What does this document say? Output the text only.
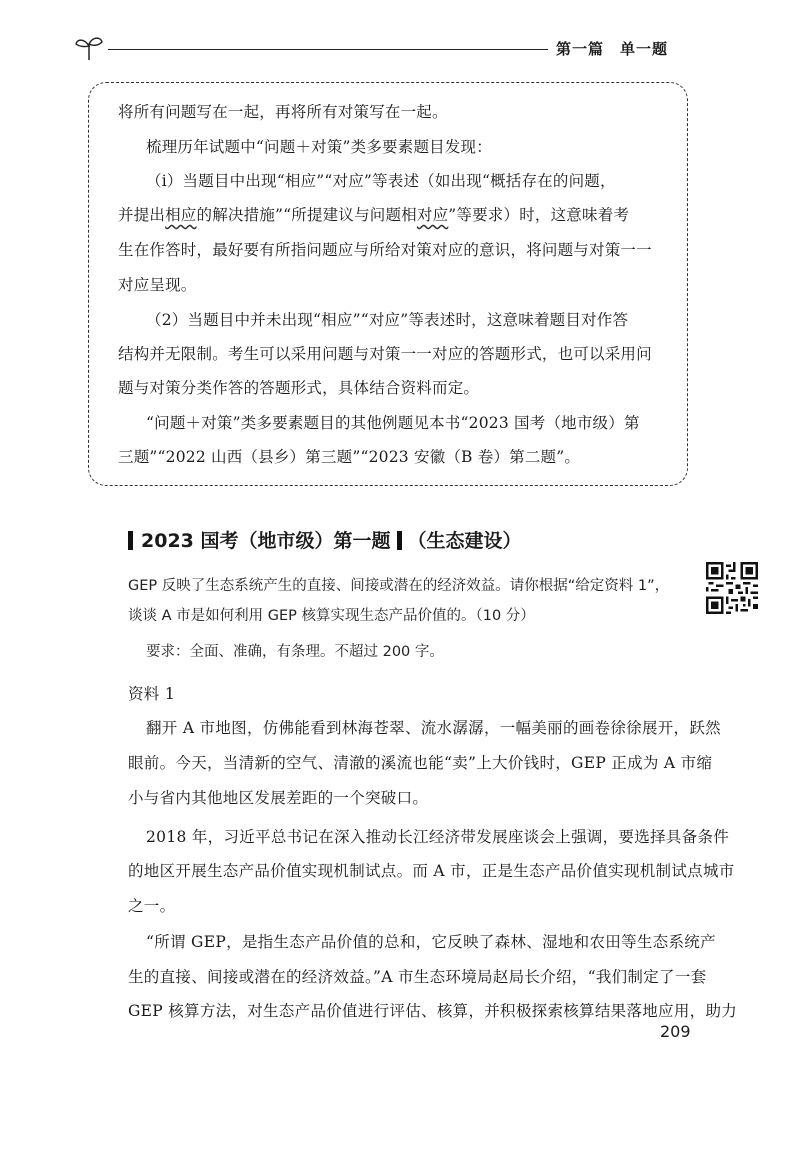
第一篇　单一题
将所有问题写在一起，再将所有对策写在一起。
梳理历年试题中“问题＋对策”类多要素题目发现：
（ⅰ）当题目中出现“相应”“对应”等表述（如出现“概括存在的问题，
并提出相应的解决措施”“所提建议与问题相对应”等要求）时，这意味着考
生在作答时，最好要有所指问题应与所给对策对应的意识，将问题与对策一一
对应呈现。
（2）当题目中并未出现“相应”“对应”等表述时，这意味着题目对作答
结构并无限制。考生可以采用问题与对策一一对应的答题形式，也可以采用问
题与对策分类作答的答题形式，具体结合资料而定。
“问题＋对策”类多要素题目的其他例题见本书“2023 国考（地市级）第
三题”“2022 山西（县乡）第三题”“2023 安徽（B 卷）第二题”。
2023 国考（地市级）第一题 （生态建设）
GEP 反映了生态系统产生的直接、间接或潜在的经济效益。请你根据“给定资料 1”，
谈谈 A 市是如何利用 GEP 核算实现生态产品价值的。（10 分）
要求：全面、准确，有条理。不超过 200 字。
资料 1
翻开 A 市地图，仿佛能看到林海苍翠、流水潺潺，一幅美丽的画卷徐徐展开，跃然
眼前。今天，当清新的空气、清澈的溪流也能“卖”上大价钱时，GEP 正成为 A 市缩
小与省内其他地区发展差距的一个突破口。
2018 年，习近平总书记在深入推动长江经济带发展座谈会上强调，要选择具备条件
的地区开展生态产品价值实现机制试点。而 A 市，正是生态产品价值实现机制试点城市
之一。
“所谓 GEP，是指生态产品价值的总和，它反映了森林、湿地和农田等生态系统产
生的直接、间接或潜在的经济效益。”A 市生态环境局赵局长介绍，“我们制定了一套
GEP 核算方法，对生态产品价值进行评估、核算，并积极探索核算结果落地应用，助力
209
